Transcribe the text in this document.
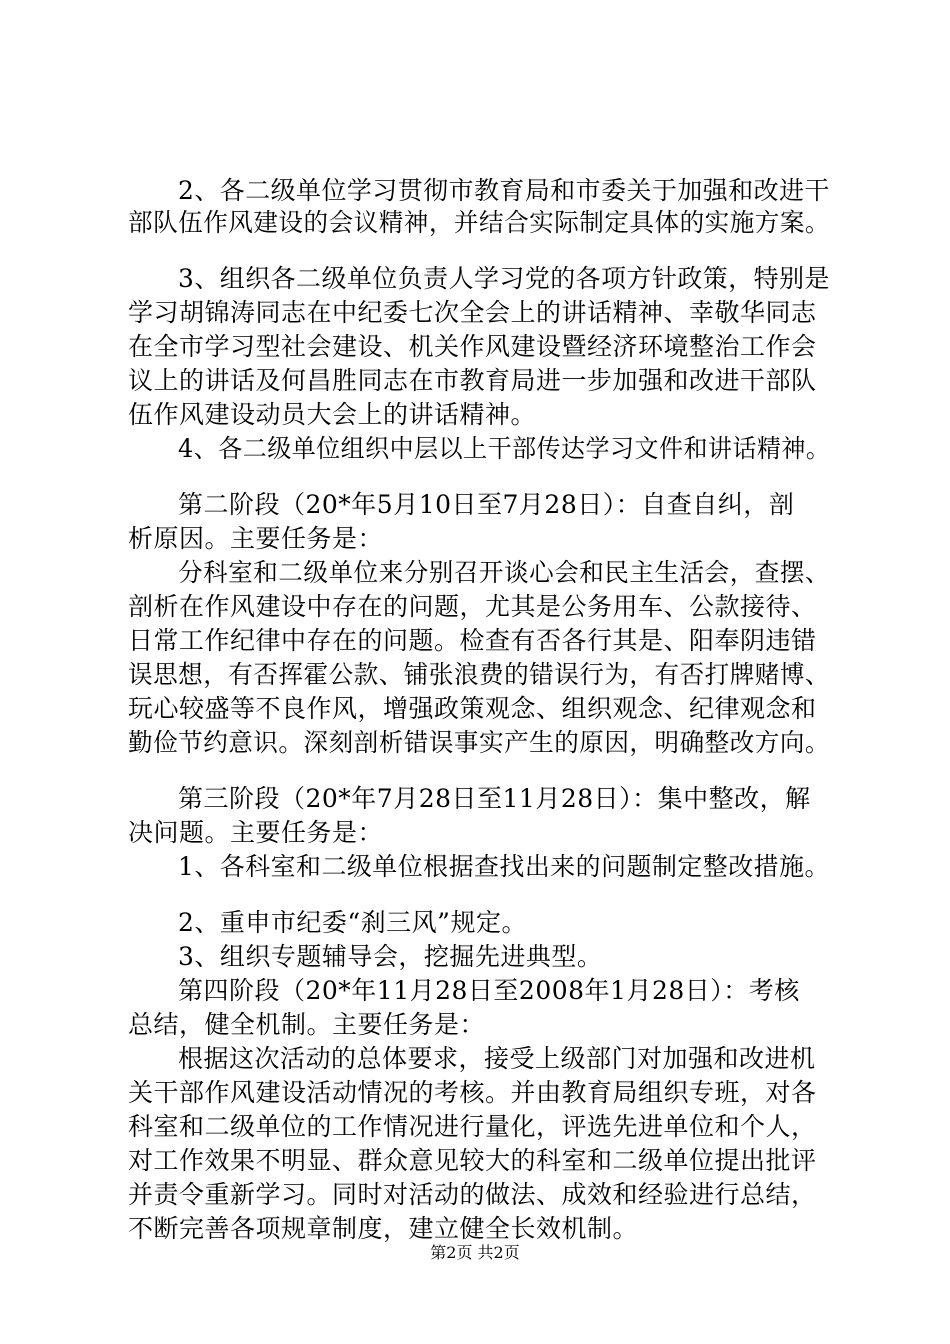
2、各二级单位学习贯彻市教育局和市委关于加强和改进干

部队伍作风建设的会议精神，并结合实际制定具体的实施方案。

3、组织各二级单位负责人学习党的各项方针政策，特别是

学习胡锦涛同志在中纪委七次全会上的讲话精神、幸敬华同志

在全市学习型社会建设、机关作风建设暨经济环境整治工作会

议上的讲话及何昌胜同志在市教育局进一步加强和改进干部队

伍作风建设动员大会上的讲话精神。

4、各二级单位组织中层以上干部传达学习文件和讲话精神。

第二阶段（20*年5月10日至7月28日）：自查自纠，剖

析原因。主要任务是：

分科室和二级单位来分别召开谈心会和民主生活会，查摆、

剖析在作风建设中存在的问题，尤其是公务用车、公款接待、

日常工作纪律中存在的问题。检查有否各行其是、阳奉阴违错

误思想，有否挥霍公款、铺张浪费的错误行为，有否打牌赌博、

玩心较盛等不良作风，增强政策观念、组织观念、纪律观念和

勤俭节约意识。深刻剖析错误事实产生的原因，明确整改方向。

第三阶段（20*年7月28日至11月28日）：集中整改，解

决问题。主要任务是：

1、各科室和二级单位根据查找出来的问题制定整改措施。

2、重申市纪委“刹三风”规定。

3、组织专题辅导会，挖掘先进典型。

第四阶段（20*年11月28日至2008年1月28日）：考核

总结，健全机制。主要任务是：

根据这次活动的总体要求，接受上级部门对加强和改进机

关干部作风建设活动情况的考核。并由教育局组织专班，对各

科室和二级单位的工作情况进行量化，评选先进单位和个人，

对工作效果不明显、群众意见较大的科室和二级单位提出批评

并责令重新学习。同时对活动的做法、成效和经验进行总结，

不断完善各项规章制度，建立健全长效机制。

第2页 共2页
